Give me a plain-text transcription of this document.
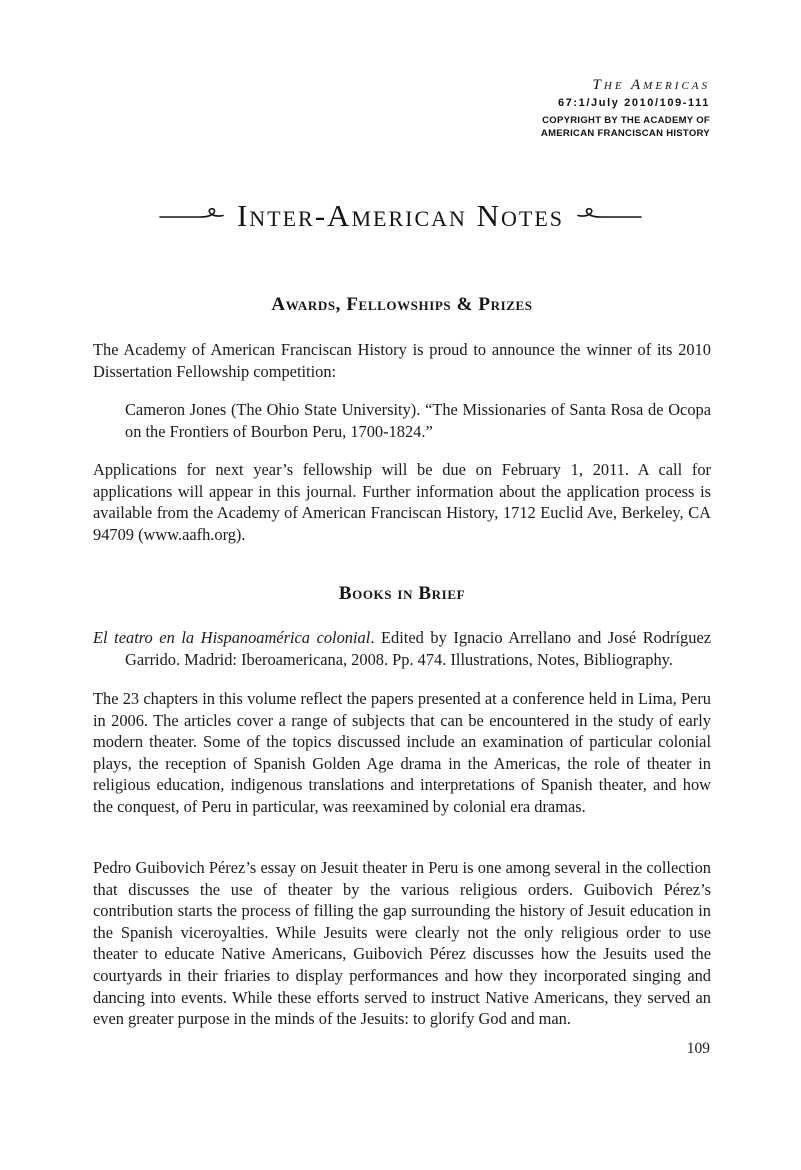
The Americas
67:1/July 2010/109-111
COPYRIGHT BY THE ACADEMY OF
AMERICAN FRANCISCAN HISTORY
Inter-American Notes
Awards, Fellowships & Prizes

The Academy of American Franciscan History is proud to announce the winner of its 2010 Dissertation Fellowship competition:

Cameron Jones (The Ohio State University). “The Missionaries of Santa Rosa de Ocopa on the Frontiers of Bourbon Peru, 1700-1824.”

Applications for next year’s fellowship will be due on February 1, 2011. A call for applications will appear in this journal. Further information about the application process is available from the Academy of American Franciscan History, 1712 Euclid Ave, Berkeley, CA 94709 (www.aafh.org).

Books in Brief

El teatro en la Hispanoamérica colonial. Edited by Ignacio Arrellano and José Rodríguez Garrido. Madrid: Iberoamericana, 2008. Pp. 474. Illustrations, Notes, Bibliography.

The 23 chapters in this volume reflect the papers presented at a conference held in Lima, Peru in 2006. The articles cover a range of subjects that can be encountered in the study of early modern theater. Some of the topics discussed include an examination of particular colonial plays, the reception of Spanish Golden Age drama in the Americas, the role of theater in religious education, indigenous translations and interpretations of Spanish theater, and how the conquest, of Peru in particular, was reexamined by colonial era dramas.

Pedro Guibovich Pérez’s essay on Jesuit theater in Peru is one among several in the collection that discusses the use of theater by the various religious orders. Guibovich Pérez’s contribution starts the process of filling the gap surrounding the history of Jesuit education in the Spanish viceroyalties. While Jesuits were clearly not the only religious order to use theater to educate Native Americans, Guibovich Pérez discusses how the Jesuits used the courtyards in their friaries to display performances and how they incorporated singing and dancing into events. While these efforts served to instruct Native Americans, they served an even greater purpose in the minds of the Jesuits: to glorify God and man.

109
